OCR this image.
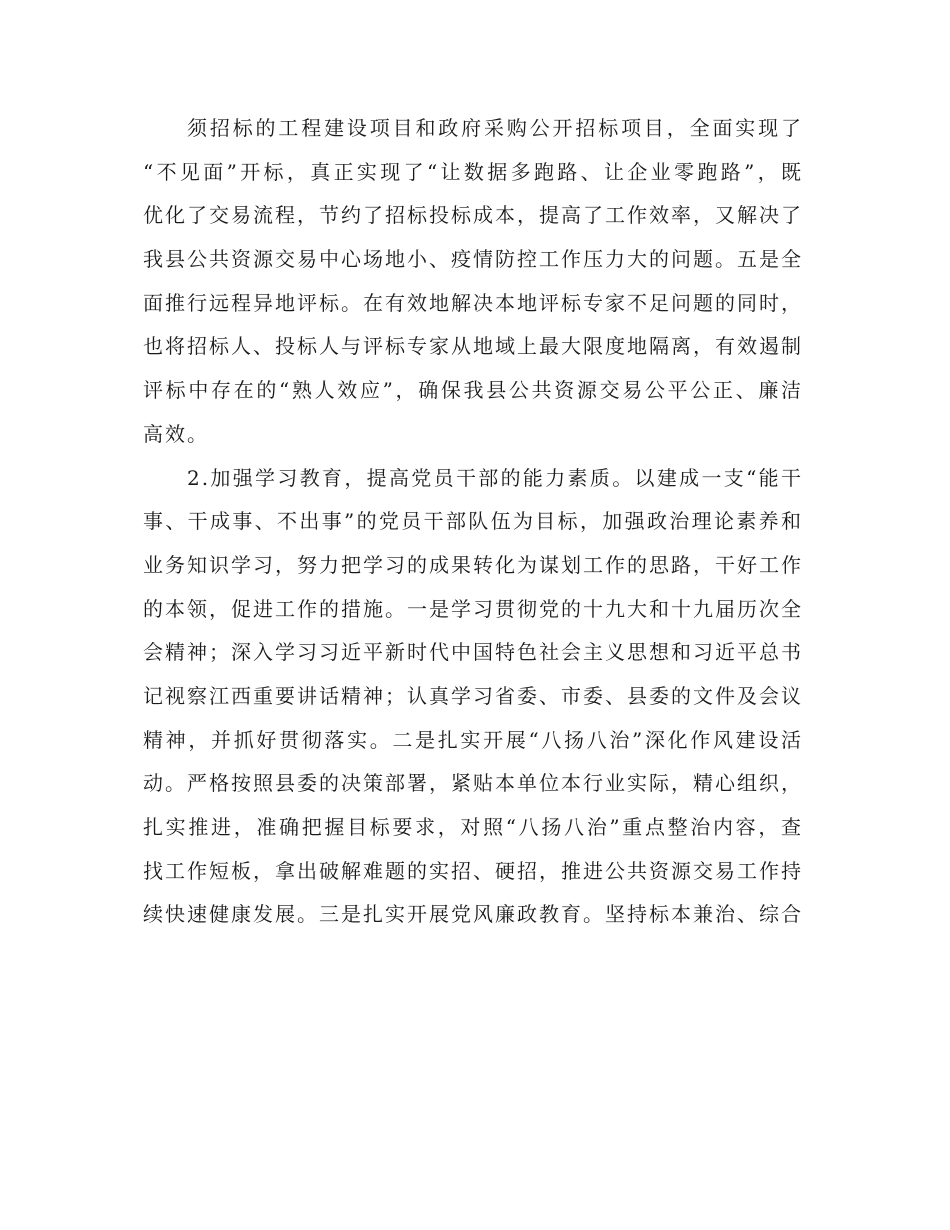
须招标的工程建设项目和政府采购公开招标项目，全面实现了
“不见面”开标，真正实现了“让数据多跑路、让企业零跑路”，既
优化了交易流程，节约了招标投标成本，提高了工作效率，又解决了
我县公共资源交易中心场地小、疫情防控工作压力大的问题。五是全
面推行远程异地评标。在有效地解决本地评标专家不足问题的同时，
也将招标人、投标人与评标专家从地域上最大限度地隔离，有效遏制
评标中存在的“熟人效应”，确保我县公共资源交易公平公正、廉洁
高效。

2.加强学习教育，提高党员干部的能力素质。以建成一支“能干
事、干成事、不出事”的党员干部队伍为目标，加强政治理论素养和
业务知识学习，努力把学习的成果转化为谋划工作的思路，干好工作
的本领，促进工作的措施。一是学习贯彻党的十九大和十九届历次全
会精神；深入学习习近平新时代中国特色社会主义思想和习近平总书
记视察江西重要讲话精神；认真学习省委、市委、县委的文件及会议
精神，并抓好贯彻落实。二是扎实开展“八扬八治”深化作风建设活
动。严格按照县委的决策部署，紧贴本单位本行业实际，精心组织，
扎实推进，准确把握目标要求，对照“八扬八治”重点整治内容，查
找工作短板，拿出破解难题的实招、硬招，推进公共资源交易工作持
续快速健康发展。三是扎实开展党风廉政教育。坚持标本兼治、综合
